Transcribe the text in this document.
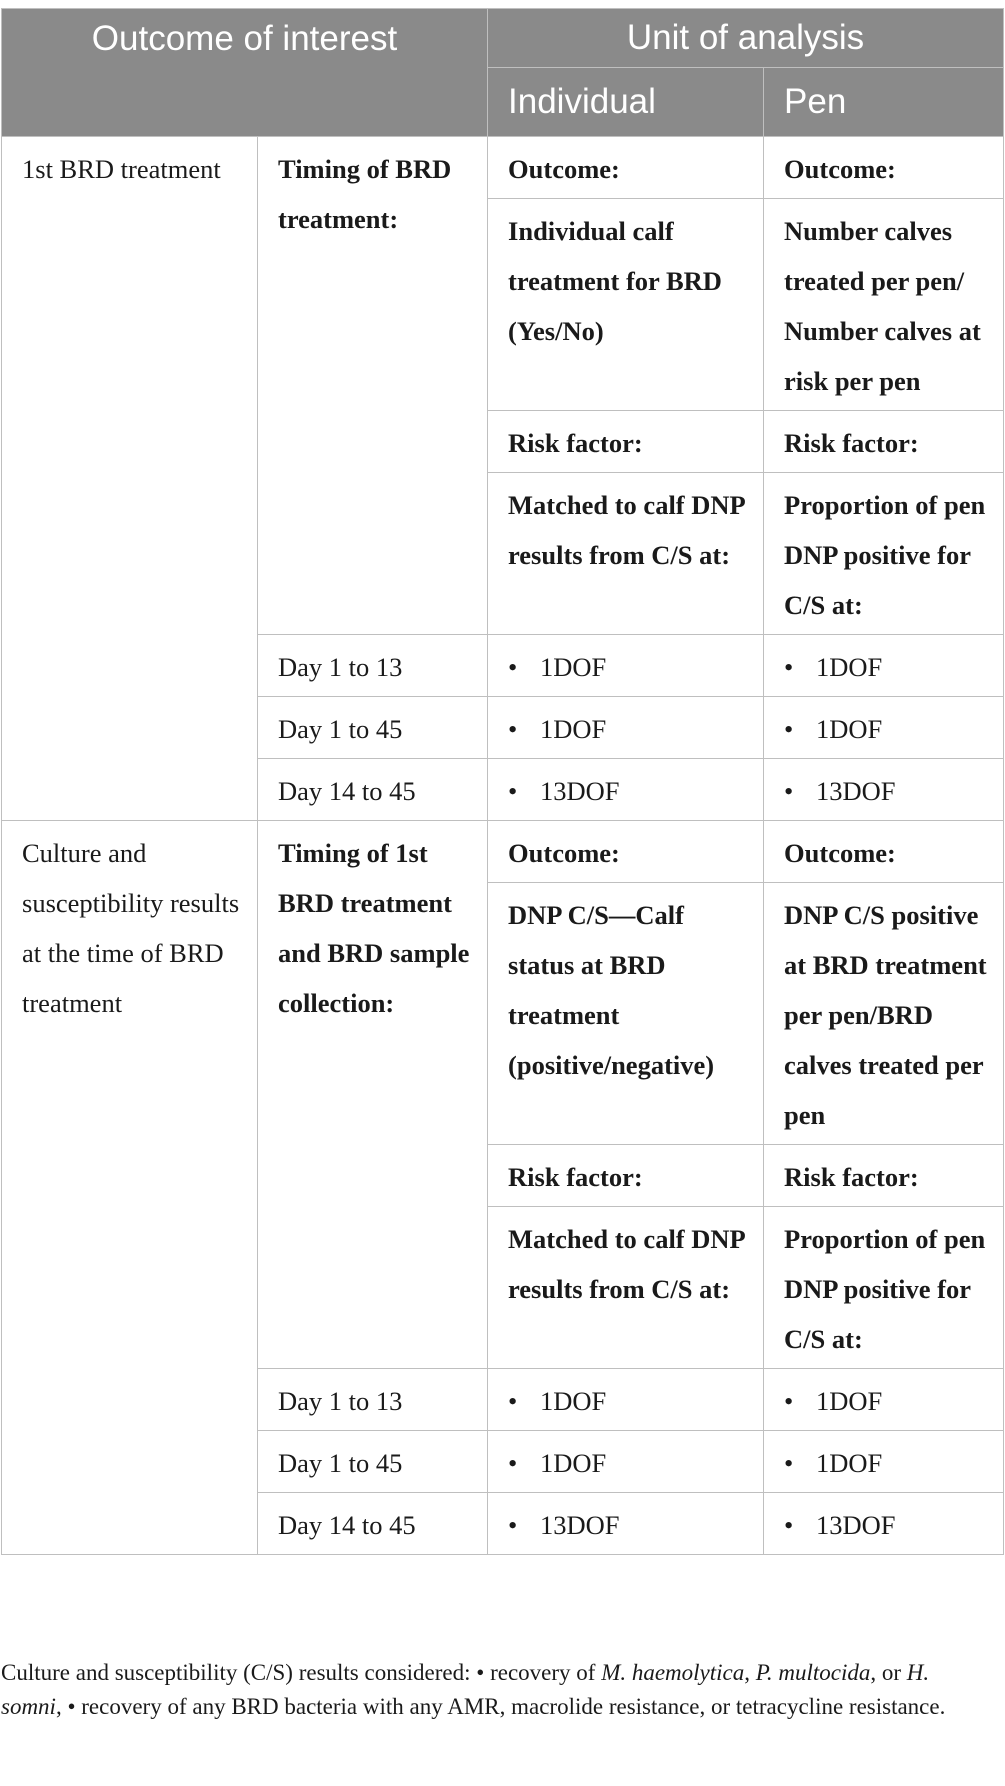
Outcome of interest		Unit of analysis	
		Individual	Pen
1st BRD treatment	Timing of BRD treatment:	Outcome:	Outcome:
		Individual calf treatment for BRD (Yes/No)	Number calves treated per pen/ Number calves at risk per pen
		Risk factor:	Risk factor:
		Matched to calf DNP results from C/S at:	Proportion of pen DNP positive for C/S at:
	Day 1 to 13	• 1DOF	• 1DOF
	Day 1 to 45	• 1DOF	• 1DOF
	Day 14 to 45	• 13DOF	• 13DOF
Culture and susceptibility results at the time of BRD treatment	Timing of 1st BRD treatment and BRD sample collection:	Outcome:	Outcome:
		DNP C/S—Calf status at BRD treatment (positive/negative)	DNP C/S positive at BRD treatment per pen/BRD calves treated per pen
		Risk factor:	Risk factor:
		Matched to calf DNP results from C/S at:	Proportion of pen DNP positive for C/S at:
	Day 1 to 13	• 1DOF	• 1DOF
	Day 1 to 45	• 1DOF	• 1DOF
	Day 14 to 45	• 13DOF	• 13DOF
Culture and susceptibility (C/S) results considered: • recovery of M. haemolytica, P. multocida, or H. somni, • recovery of any BRD bacteria with any AMR, macrolide resistance, or tetracycline resistance.
